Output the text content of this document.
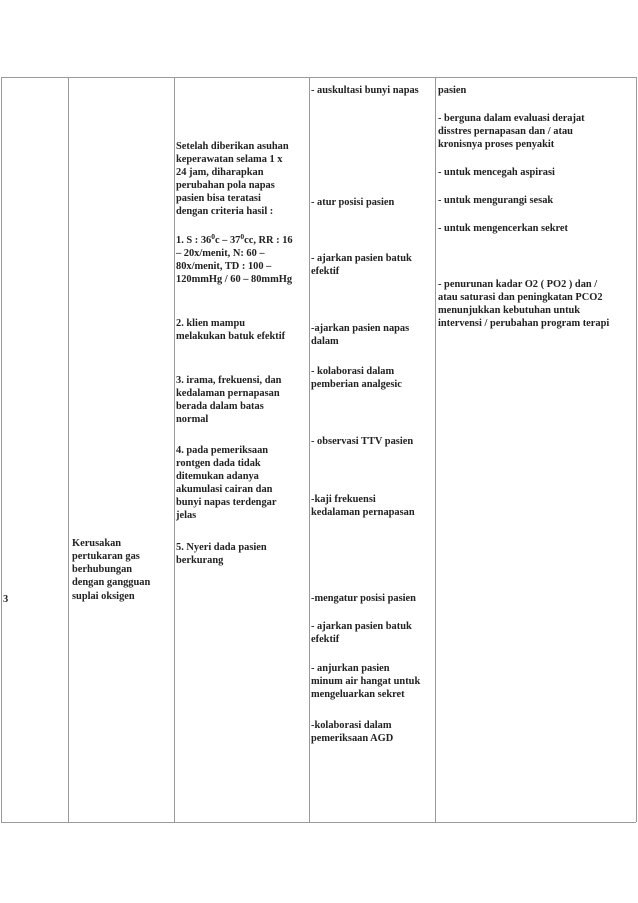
3
Kerusakan
pertukaran gas
berhubungan
dengan gangguan
suplai oksigen
Setelah diberikan asuhan
keperawatan selama 1 x
24 jam, diharapkan
perubahan pola napas
pasien bisa teratasi
dengan criteria hasil :
1. S : $36^0c - 37^0cc$, RR : 16
– 20x/menit, N: 60 –
80x/menit, TD : 100 –
120mmHg / 60 – 80mmHg
2. klien mampu
melakukan batuk efektif
3. irama, frekuensi, dan
kedalaman pernapasan
berada dalam batas
normal
4. pada pemeriksaan
rontgen dada tidak
ditemukan adanya
akumulasi cairan dan
bunyi napas terdengar
jelas
5. Nyeri dada pasien
berkurang
- auskultasi bunyi napas
- atur posisi pasien
- ajarkan pasien batuk
efektif
-ajarkan pasien napas
dalam
- kolaborasi dalam
pemberian analgesic
- observasi TTV pasien
-kaji frekuensi
kedalaman pernapasan
-mengatur posisi pasien
- ajarkan pasien batuk
efektif
- anjurkan pasien
minum air hangat untuk
mengeluarkan sekret
-kolaborasi dalam
pemeriksaan AGD
pasien
- berguna dalam evaluasi derajat
disstres pernapasan dan / atau
kronisnya proses penyakit
- untuk mencegah aspirasi
- untuk mengurangi sesak
- untuk mengencerkan sekret
- penurunan kadar O2 ( PO2 ) dan /
atau saturasi dan peningkatan PCO2
menunjukkan kebutuhan untuk
intervensi / perubahan program terapi
